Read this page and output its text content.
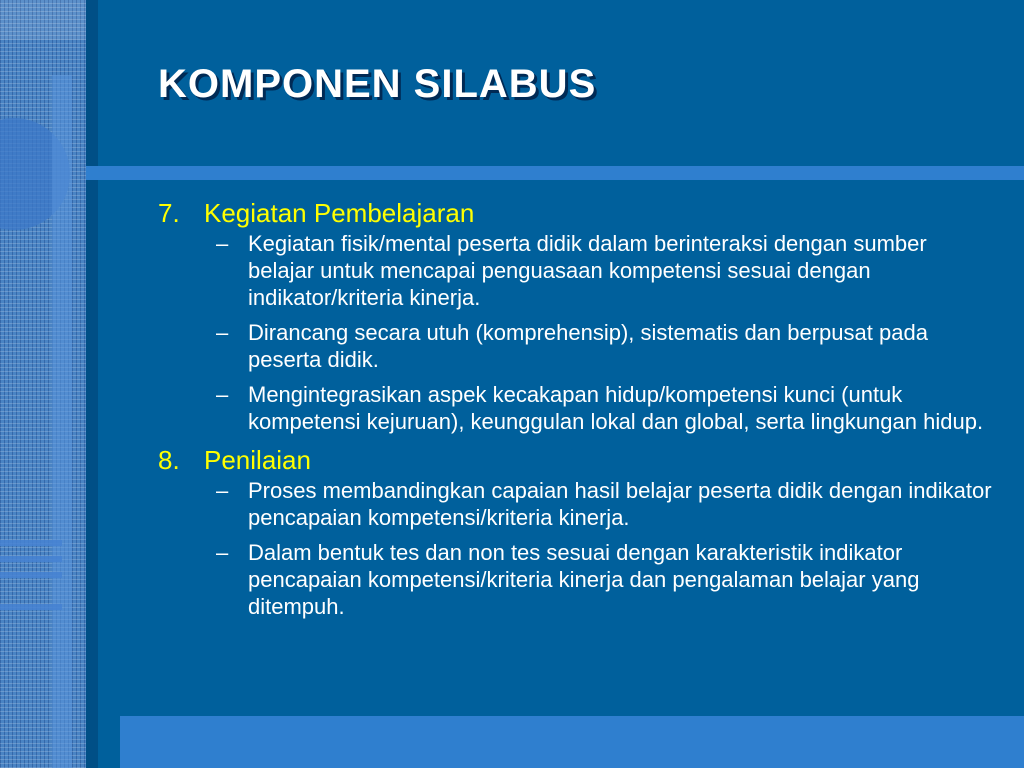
KOMPONEN SILABUS
7. Kegiatan Pembelajaran
– Kegiatan fisik/mental peserta didik dalam berinteraksi dengan sumber belajar untuk mencapai penguasaan kompetensi sesuai dengan indikator/kriteria kinerja.
– Dirancang secara utuh (komprehensip), sistematis dan berpusat pada peserta didik.
– Mengintegrasikan aspek kecakapan hidup/kompetensi kunci (untuk kompetensi kejuruan), keunggulan lokal dan global, serta lingkungan hidup.
8. Penilaian
– Proses membandingkan capaian hasil belajar peserta didik dengan indikator pencapaian kompetensi/kriteria kinerja.
– Dalam bentuk tes dan non tes sesuai dengan karakteristik indikator pencapaian kompetensi/kriteria kinerja dan pengalaman belajar yang ditempuh.
